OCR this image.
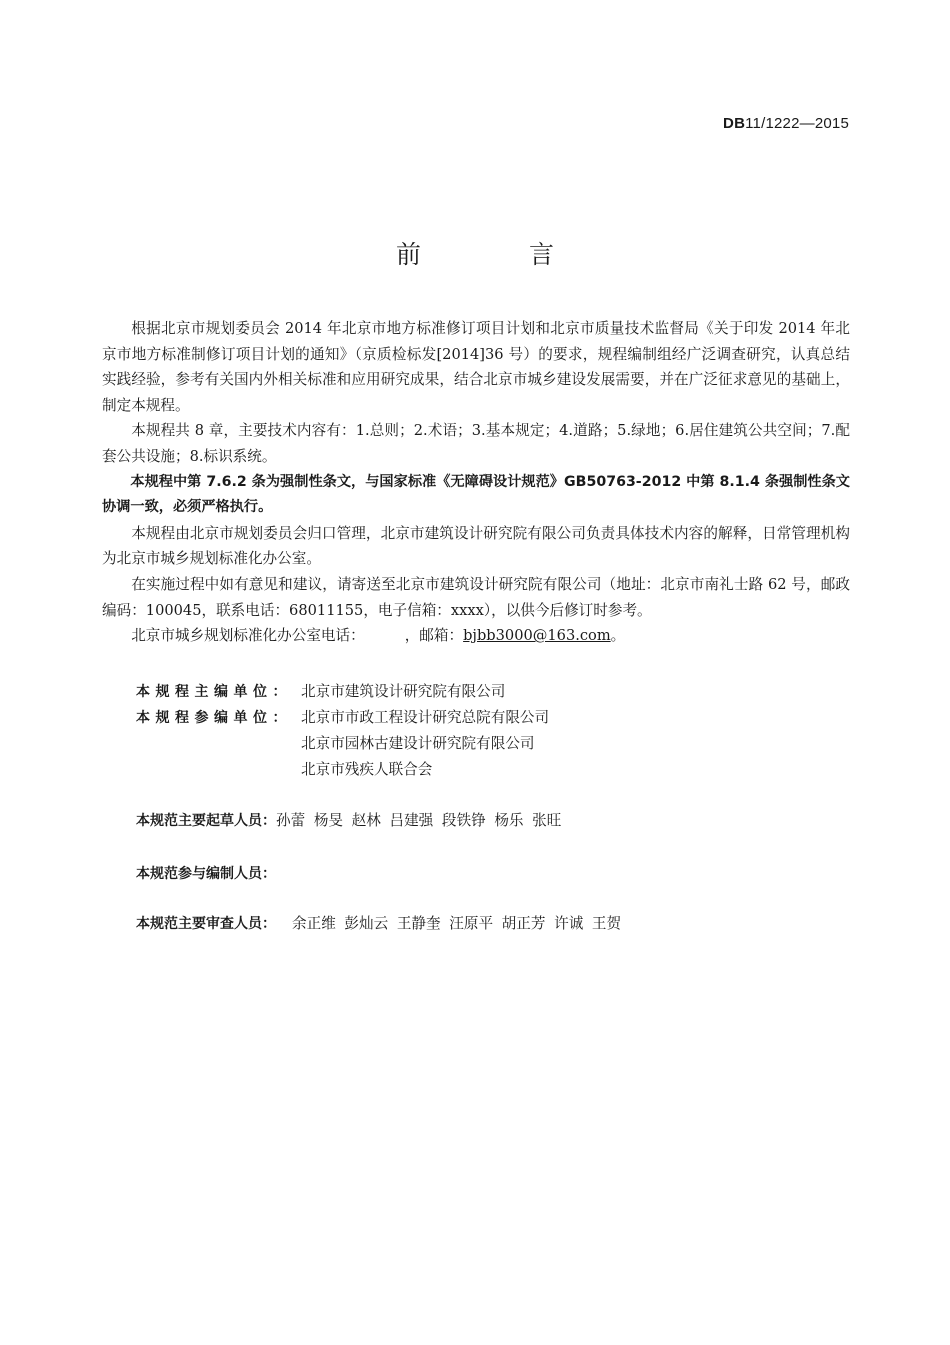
DB11/1222—2015
前 言

根据北京市规划委员会 2014 年北京市地方标准修订项目计划和北京市质量技术监督局《关于印发 2014 年北京市地方标准制修订项目计划的通知》（京质检标发[2014]36 号）的要求，规程编制组经广泛调查研究，认真总结实践经验，参考有关国内外相关标准和应用研究成果，结合北京市城乡建设发展需要，并在广泛征求意见的基础上，制定本规程。

本规程共 8 章，主要技术内容有：1.总则；2.术语；3.基本规定；4.道路；5.绿地；6.居住建筑公共空间；7.配套公共设施；8.标识系统。

本规程中第 7.6.2 条为强制性条文，与国家标准《无障碍设计规范》GB50763-2012 中第 8.1.4 条强制性条文协调一致，必须严格执行。

本规程由北京市规划委员会归口管理，北京市建筑设计研究院有限公司负责具体技术内容的解释，日常管理机构为北京市城乡规划标准化办公室。

在实施过程中如有意见和建议，请寄送至北京市建筑设计研究院有限公司（地址：北京市南礼士路 62 号，邮政编码：100045，联系电话：68011155，电子信箱：xxxx），以供今后修订时参考。

北京市城乡规划标准化办公室电话：	，邮箱：bjbb3000@163.com。

本规程主编单位： 北京市建筑设计研究院有限公司
本规程参编单位： 北京市市政工程设计研究总院有限公司
北京市园林古建设计研究院有限公司
北京市残疾人联合会
本规范主要起草人员：孙蕾 杨旻 赵林 吕建强 段铁铮 杨乐 张旺
本规范参与编制人员：
本规范主要审查人员： 余正维 彭灿云 王静奎 汪原平 胡正芳 许诚 王贺
